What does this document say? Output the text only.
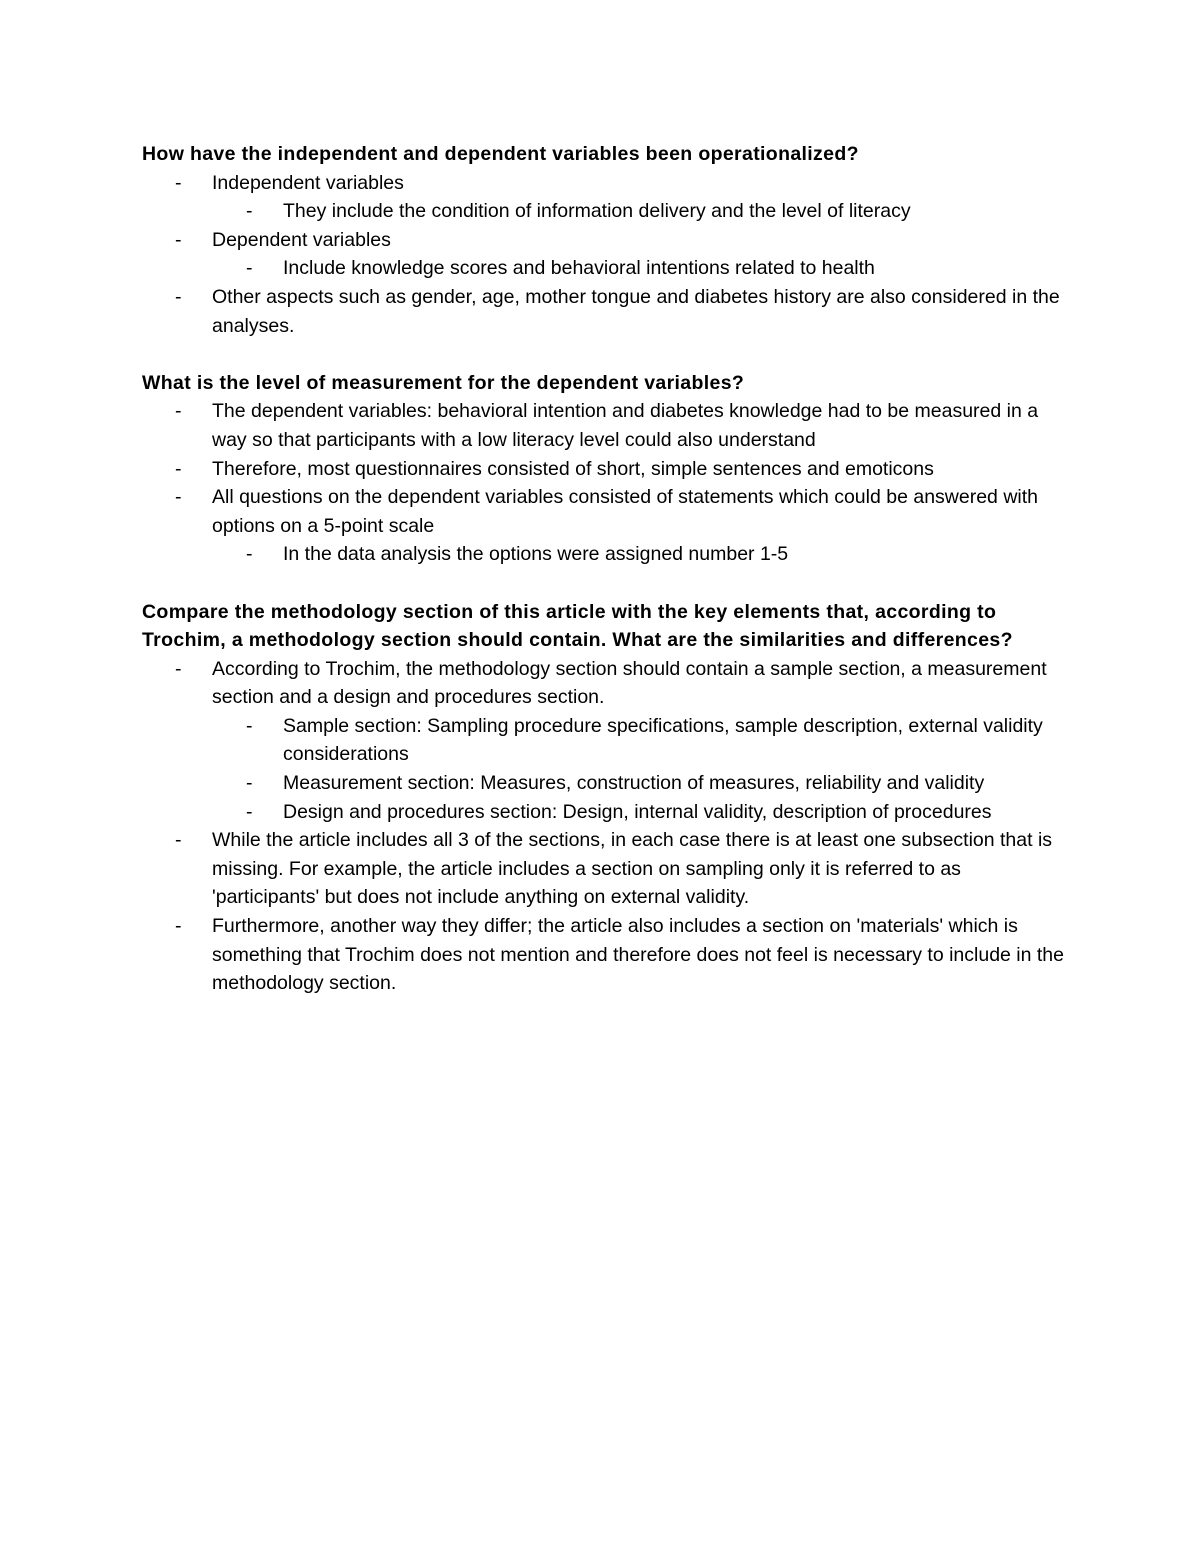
How have the independent and dependent variables been operationalized?

-	Independent variables
-	They include the condition of information delivery and the level of literacy
-	Dependent variables
-	Include knowledge scores and behavioral intentions related to health
-	Other aspects such as gender, age, mother tongue and diabetes history are also considered in the analyses.

What is the level of measurement for the dependent variables?

-	The dependent variables: behavioral intention and diabetes knowledge had to be measured in a way so that participants with a low literacy level could also understand
-	Therefore, most questionnaires consisted of short, simple sentences and emoticons
-	All questions on the dependent variables consisted of statements which could be answered with options on a 5-point scale
-	In the data analysis the options were assigned number 1-5

Compare the methodology section of this article with the key elements that, according to Trochim, a methodology section should contain. What are the similarities and differences?

-	According to Trochim, the methodology section should contain a sample section, a measurement section and a design and procedures section.
-	Sample section: Sampling procedure specifications, sample description, external validity considerations
-	Measurement section: Measures, construction of measures, reliability and validity
-	Design and procedures section: Design, internal validity, description of procedures
-	While the article includes all 3 of the sections, in each case there is at least one subsection that is missing. For example, the article includes a section on sampling only it is referred to as 'participants' but does not include anything on external validity.
-	Furthermore, another way they differ; the article also includes a section on 'materials' which is something that Trochim does not mention and therefore does not feel is necessary to include in the methodology section.
